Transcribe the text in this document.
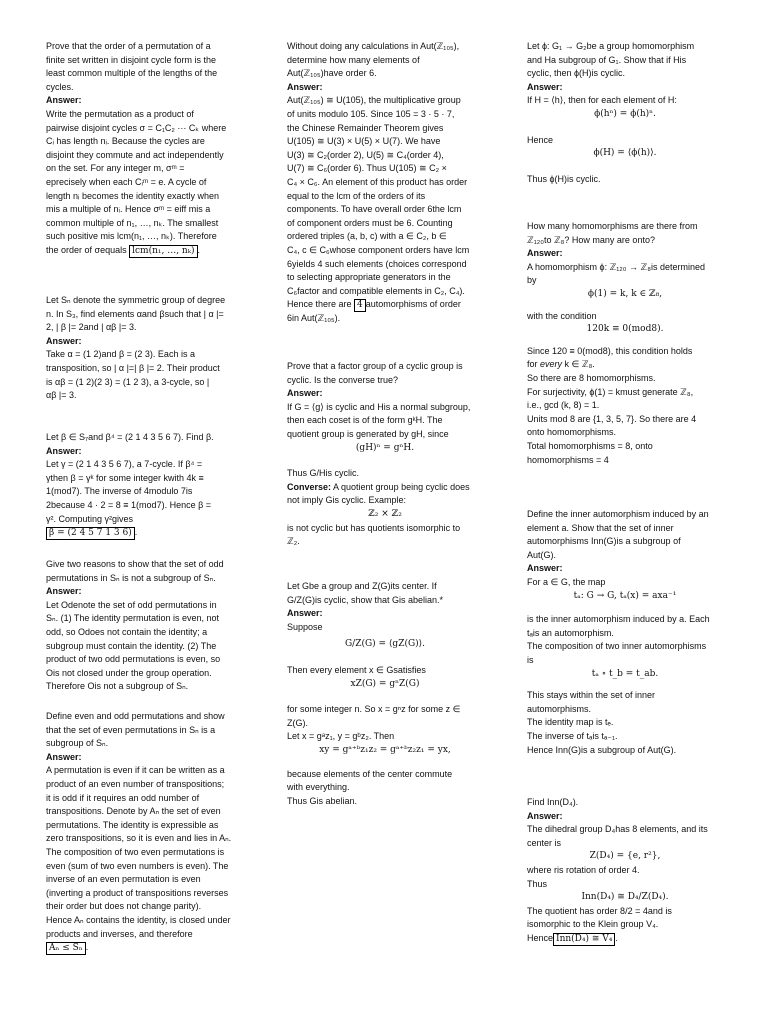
Prove that the order of a permutation of a
finite set written in disjoint cycle form is the
least common multiple of the lengths of the
cycles.
Answer:
Write the permutation as a product of
pairwise disjoint cycles σ = C₁C₂ ··· Cₖ where
Cᵢ has length nᵢ. Because the cycles are
disjoint they commute and act independently
on the set. For any integer m, σᵐ =
eprecisely when each Cᵢᵐ = e. A cycle of
length nᵢ becomes the identity exactly when
mis a multiple of nᵢ. Hence σᵐ = eiff mis a
common multiple of n₁, …, nₖ. The smallest
such positive mis lcm(n₁, …, nₖ). Therefore
the order of σequals lcm(n₁, …, nₖ) .
Let Sₙ denote the symmetric group of degree
n. In S₃, find elements αand βsuch that | α |=
2, | β |= 2and | αβ |= 3.
Answer:
Take α = (1 2)and β = (2 3). Each is a
transposition, so | α |=| β |= 2. Their product
is αβ = (1 2)(2 3) = (1 2 3), a 3-cycle, so |
αβ |= 3.
Let β ∈ S₇and β⁴ = (2 1 4 3 5 6 7). Find β.
Answer:
Let γ = (2 1 4 3 5 6 7), a 7-cycle. If β⁴ =
γthen β = γᵏ for some integer kwith 4k ≡
1(mod7). The inverse of 4modulo 7is
2because 4 · 2 = 8 ≡ 1(mod7). Hence β =
γ². Computing γ²gives
β = (2 4 5 7 1 3 6) .
Give two reasons to show that the set of odd
permutations in Sₙ is not a subgroup of Sₙ.
Answer:
Let Odenote the set of odd permutations in
Sₙ. (1) The identity permutation is even, not
odd, so Odoes not contain the identity; a
subgroup must contain the identity. (2) The
product of two odd permutations is even, so
Ois not closed under the group operation.
Therefore Ois not a subgroup of Sₙ.
Define even and odd permutations and show
that the set of even permutations in Sₙ is a
subgroup of Sₙ.
Answer:
A permutation is even if it can be written as a
product of an even number of transpositions;
it is odd if it requires an odd number of
transpositions. Denote by Aₙ the set of even
permutations. The identity is expressible as
zero transpositions, so it is even and lies in Aₙ.
The composition of two even permutations is
even (sum of two even numbers is even). The
inverse of an even permutation is even
(inverting a product of transpositions reverses
their order but does not change parity).
Hence Aₙ contains the identity, is closed under
products and inverses, and therefore
Aₙ ≤ Sₙ .
Without doing any calculations in Aut(ℤ₁₀₅),
determine how many elements of
Aut(ℤ₁₀₅)have order 6.
Answer:
Aut(ℤ₁₀₅) ≅ U(105), the multiplicative group
of units modulo 105. Since 105 = 3 · 5 · 7,
the Chinese Remainder Theorem gives
U(105) ≅ U(3) × U(5) × U(7). We have
U(3) ≅ C₂(order 2), U(5) ≅ C₄(order 4),
U(7) ≅ C₆(order 6). Thus U(105) ≅ C₂ ×
C₄ × C₆. An element of this product has order
equal to the lcm of the orders of its
components. To have overall order 6the lcm
of component orders must be 6. Counting
ordered triples (a, b, c) with a ∈ C₂, b ∈
C₄, c ∈ C₆whose component orders have lcm
6yields 4 such elements (choices correspond
to selecting appropriate generators in the
C₆factor and compatible elements in C₂, C₄).
Hence there are 4 automorphisms of order
6in Aut(ℤ₁₀₅).
Prove that a factor group of a cyclic group is
cyclic. Is the converse true?
Answer:
If G = ⟨g⟩ is cyclic and His a normal subgroup,
then each coset is of the form gᵏH. The
quotient group is generated by gH, since
(gH)ⁿ = gⁿH.
Thus G/His cyclic.
Converse: A quotient group being cyclic does
not imply Gis cyclic. Example:
ℤ₂ × ℤ₂
is not cyclic but has quotients isomorphic to
ℤ₂.
Let Gbe a group and Z(G)its center. If
G/Z(G)is cyclic, show that Gis abelian.*
Answer:
Suppose
G/Z(G) = ⟨gZ(G)⟩.
Then every element x ∈ Gsatisfies
xZ(G) = gⁿZ(G)
for some integer n. So x = gⁿz for some z ∈
Z(G).
Let x = gᵃz₁, y = gᵇz₂. Then
xy = gᵃ⁺ᵇz₁z₂ = gᵃ⁺ᵇz₂z₁ = yx,
because elements of the center commute
with everything.
Thus Gis abelian.
Let ϕ: G₁ → G₂be a group homomorphism
and Ha subgroup of G₁. Show that if His
cyclic, then ϕ(H)is cyclic.
Answer:
If H = ⟨h⟩, then for each element of H:
ϕ(hⁿ) = ϕ(h)ⁿ.
Hence
ϕ(H) = ⟨ϕ(h)⟩.
Thus ϕ(H)is cyclic.
How many homomorphisms are there from
ℤ₁₂₀to ℤ₈? How many are onto?
Answer:
A homomorphism ϕ: ℤ₁₂₀ → ℤ₈is determined
by
ϕ(1) = k, k ∈ ℤ₈,
with the condition
120k ≡ 0(mod8).
Since 120 ≡ 0(mod8), this condition holds
for every k ∈ ℤ₈.
So there are 8 homomorphisms.
For surjectivity, ϕ(1) = kmust generate ℤ₈,
i.e., gcd (k, 8) = 1.
Units mod 8 are {1, 3, 5, 7}. So there are 4
onto homomorphisms.
Total homomorphisms = 8, onto
homomorphisms = 4
Define the inner automorphism induced by an
element a. Show that the set of inner
automorphisms Inn(G)is a subgroup of
Aut(G).
Answer:
For a ∈ G, the map
tₐ: G → G, tₐ(x) = axa⁻¹
is the inner automorphism induced by a. Each
tₐis an automorphism.
The composition of two inner automorphisms
is
tₐ ∘ t_b = t_ab.
This stays within the set of inner
automorphisms.
The identity map is tₑ.
The inverse of tₐis tₐ₋₁.
Hence Inn(G)is a subgroup of Aut(G).
Find Inn(D₄).
Answer:
The dihedral group D₄has 8 elements, and its
center is
Z(D₄) = {e, r²},
where ris rotation of order 4.
Thus
Inn(D₄) ≅ D₄/Z(D₄).
The quotient has order 8/2 = 4and is
isomorphic to the Klein group V₄.
Hence Inn(D₄) ≅ V₄ .
